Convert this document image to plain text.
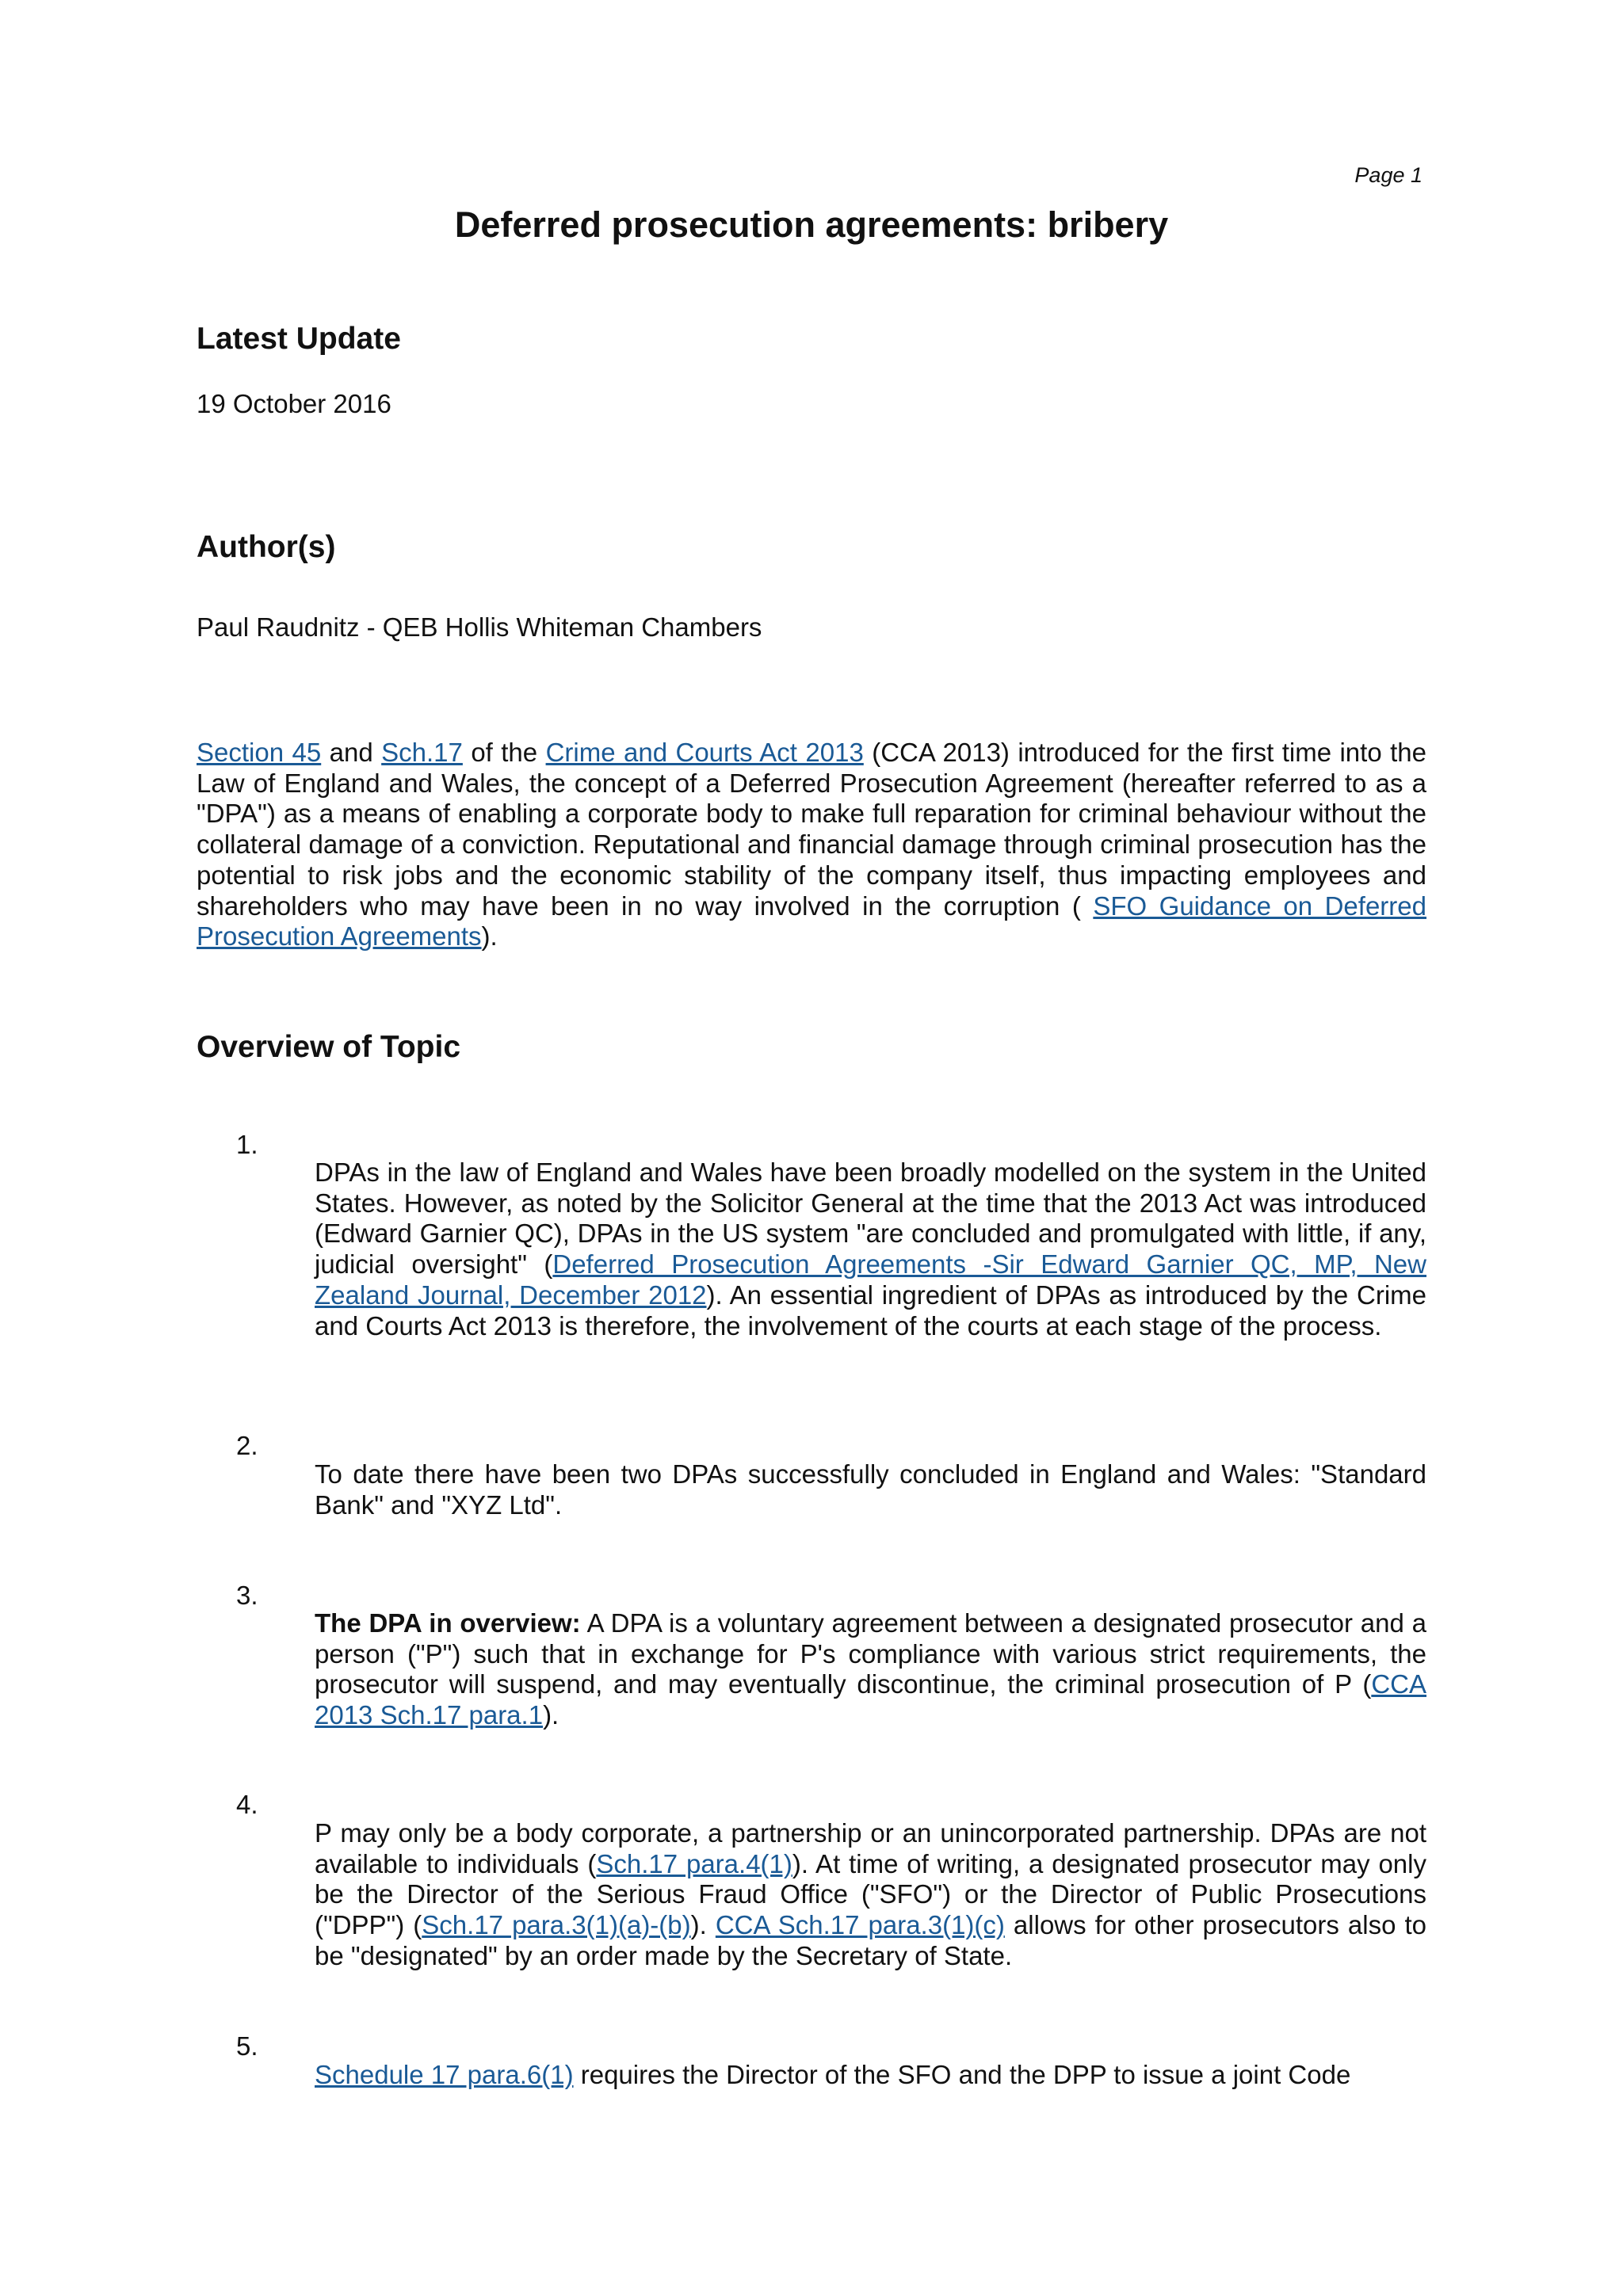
Page 1
Deferred prosecution agreements: bribery
Latest Update

19 October 2016

Author(s)

Paul Raudnitz - QEB Hollis Whiteman Chambers

Section 45 and Sch.17 of the Crime and Courts Act 2013 (CCA 2013) introduced for the first time into the Law of England and Wales, the concept of a Deferred Prosecution Agreement (hereafter referred to as a "DPA") as a means of enabling a corporate body to make full reparation for criminal behaviour without the collateral damage of a conviction. Reputational and financial damage through criminal prosecution has the potential to risk jobs and the economic stability of the company itself, thus impacting employees and shareholders who may have been in no way involved in the corruption ( SFO Guidance on Deferred Prosecution Agreements).

Overview of Topic

1.

DPAs in the law of England and Wales have been broadly modelled on the system in the United States. However, as noted by the Solicitor General at the time that the 2013 Act was introduced (Edward Garnier QC), DPAs in the US system "are concluded and promulgated with little, if any, judicial oversight" (Deferred Prosecution Agreements -Sir Edward Garnier QC, MP, New Zealand Journal, December 2012). An essential ingredient of DPAs as introduced by the Crime and Courts Act 2013 is therefore, the involvement of the courts at each stage of the process.

2.

To date there have been two DPAs successfully concluded in England and Wales: "Standard Bank" and "XYZ Ltd".

3.

The DPA in overview: A DPA is a voluntary agreement between a designated prosecutor and a person ("P") such that in exchange for P's compliance with various strict requirements, the prosecutor will suspend, and may eventually discontinue, the criminal prosecution of P (CCA 2013 Sch.17 para.1).

4.

P may only be a body corporate, a partnership or an unincorporated partnership. DPAs are not available to individuals (Sch.17 para.4(1)). At time of writing, a designated prosecutor may only be the Director of the Serious Fraud Office ("SFO") or the Director of Public Prosecutions ("DPP") (Sch.17 para.3(1)(a)-(b)). CCA Sch.17 para.3(1)(c) allows for other prosecutors also to be "designated" by an order made by the Secretary of State.

5.

Schedule 17 para.6(1) requires the Director of the SFO and the DPP to issue a joint Code
